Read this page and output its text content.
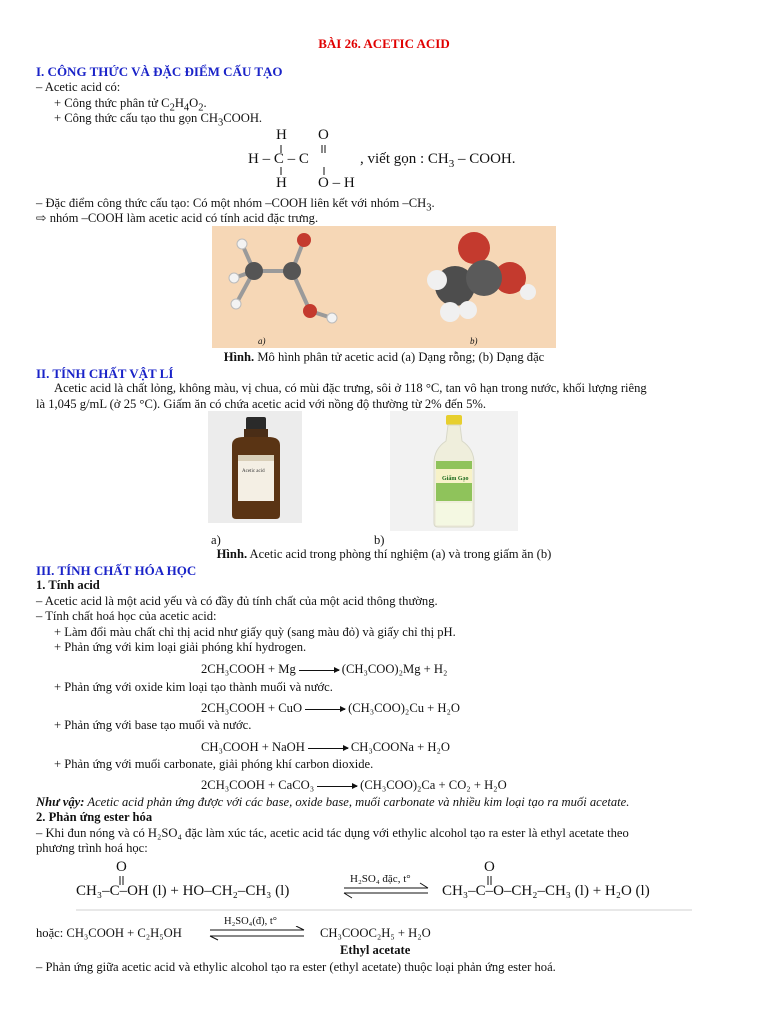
BÀI 26. ACETIC ACID
I. CÔNG THỨC VÀ ĐẶC ĐIỂM CẤU TẠO
– Acetic acid có:
+ Công thức phân tử $C_2H_4O_2$.
+ Công thức cấu tạo thu gọn $CH_3COOH$.
H O
H – C – C
H O – H
, viết gọn : $CH_3$ – COOH.
– Đặc điểm công thức cấu tạo: Có một nhóm –COOH liên kết với nhóm $-CH_3$.
⇨ nhóm –COOH làm acetic acid có tính acid đặc trưng.
a)	b)
Hình. Mô hình phân tử acetic acid (a) Dạng rỗng; (b) Dạng đặc
II. TÍNH CHẤT VẬT LÍ
Acetic acid là chất lỏng, không màu, vị chua, có mùi đặc trưng, sôi ở 118 °C, tan vô hạn trong nước, khối lượng riêng
là 1,045 g/mL (ở 25 °C). Giấm ăn có chứa acetic acid với nồng độ thường từ 2% đến 5%.
Acetic acid
Giấm Gạo
a)	b)
Hình. Acetic acid trong phòng thí nghiệm (a) và trong giấm ăn (b)
III. TÍNH CHẤT HÓA HỌC
1. Tính acid
– Acetic acid là một acid yếu và có đầy đủ tính chất của một acid thông thường.
– Tính chất hoá học của acetic acid:
+ Làm đổi màu chất chỉ thị acid như giấy quỳ (sang màu đỏ) và giấy chỉ thị pH.
+ Phản ứng với kim loại giải phóng khí hydrogen.
2CH₃COOH + Mg	(CH₃COO)₂Mg + H₂
+ Phản ứng với oxide kim loại tạo thành muối và nước.
2CH₃COOH + CuO	(CH₃COO)₂Cu + H₂O
+ Phản ứng với base tạo muối và nước.
CH₃COOH + NaOH	CH₃COONa + H₂O
+ Phản ứng với muối carbonate, giải phóng khí carbon dioxide.
2CH₃COOH + CaCO₃	(CH₃COO)₂Ca + CO₂ + H₂O
Như vậy: Acetic acid phản ứng được với các base, oxide base, muối carbonate và nhiều kim loại tạo ra muối acetate.
2. Phản ứng ester hóa
– Khi đun nóng và có H₂SO₄ đặc làm xúc tác, acetic acid tác dụng với ethylic alcohol tạo ra ester là ethyl acetate theo
phương trình hoá học:
O	O
CH₃–C–OH (l) + HO–CH₂–CH₃ (l)
H₂SO₄ đặc, t°
CH₃–C–O–CH₂–CH₃ (l) + H₂O (l)
hoặc: CH₃COOH + C₂H₅OH
H₂SO₄(đ), t°
CH₃COOC₂H₅ + H₂O
Ethyl acetate
– Phản ứng giữa acetic acid và ethylic alcohol tạo ra ester (ethyl acetate) thuộc loại phản ứng ester hoá.
